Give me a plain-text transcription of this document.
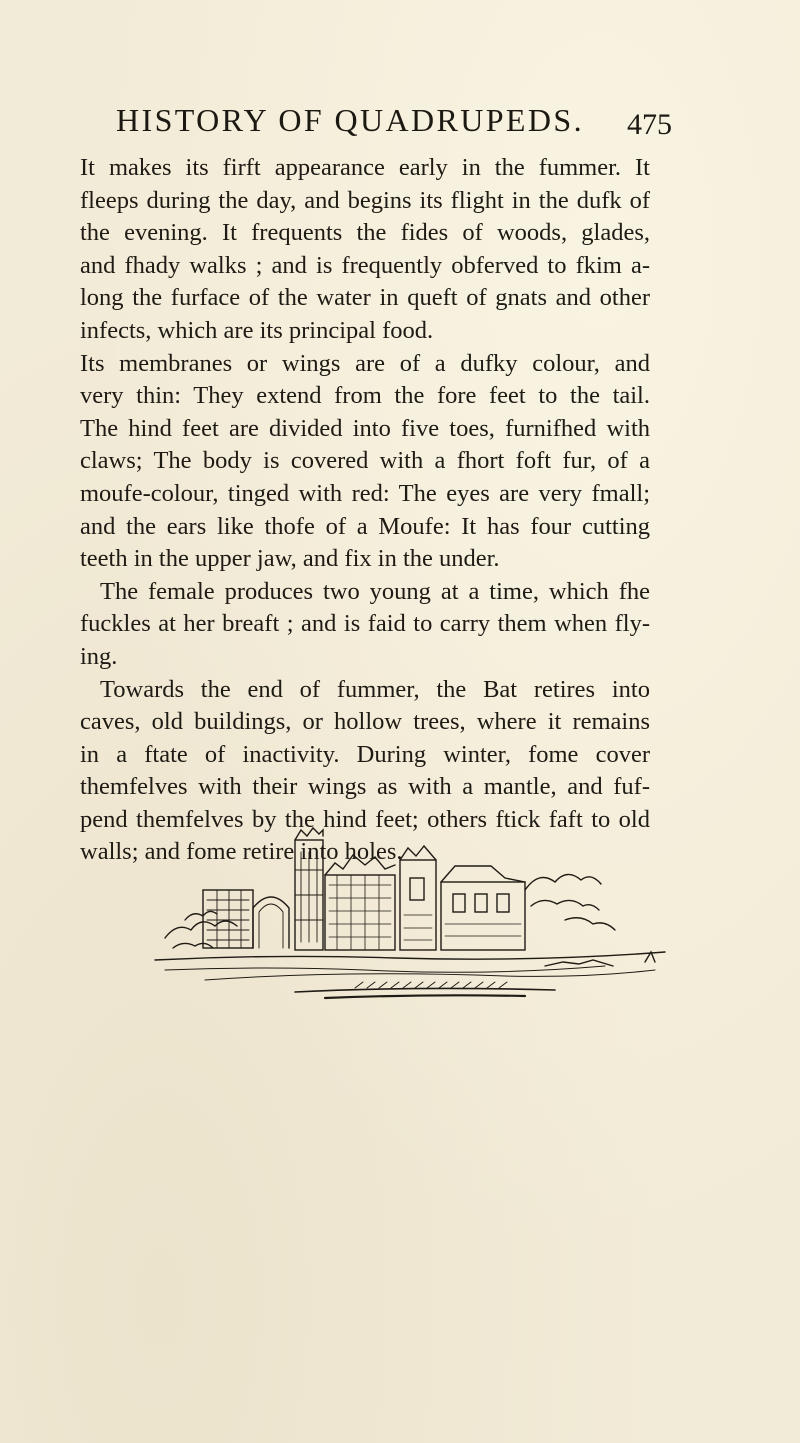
HISTORY OF QUADRUPEDS. 475
It makes its firft appearance early in the fummer. It
fleeps during the day, and begins its flight in the dufk of
the evening. It frequents the fides of woods, glades,
and fhady walks ; and is frequently obferved to fkim a-
long the furface of the water in queft of gnats and other
infects, which are its principal food.
Its membranes or wings are of a dufky colour, and
very thin: They extend from the fore feet to the tail.
The hind feet are divided into five toes, furnifhed with
claws; The body is covered with a fhort foft fur, of a
moufe-colour, tinged with red: The eyes are very fmall;
and the ears like thofe of a Moufe: It has four cutting
teeth in the upper jaw, and fix in the under.
The female produces two young at a time, which fhe
fuckles at her breaft ; and is faid to carry them when fly-
ing.
Towards the end of fummer, the Bat retires into
caves, old buildings, or hollow trees, where it remains
in a ftate of inactivity. During winter, fome cover
themfelves with their wings as with a mantle, and fuf-
pend themfelves by the hind feet; others ftick faft to old
walls; and fome retire into holes.
